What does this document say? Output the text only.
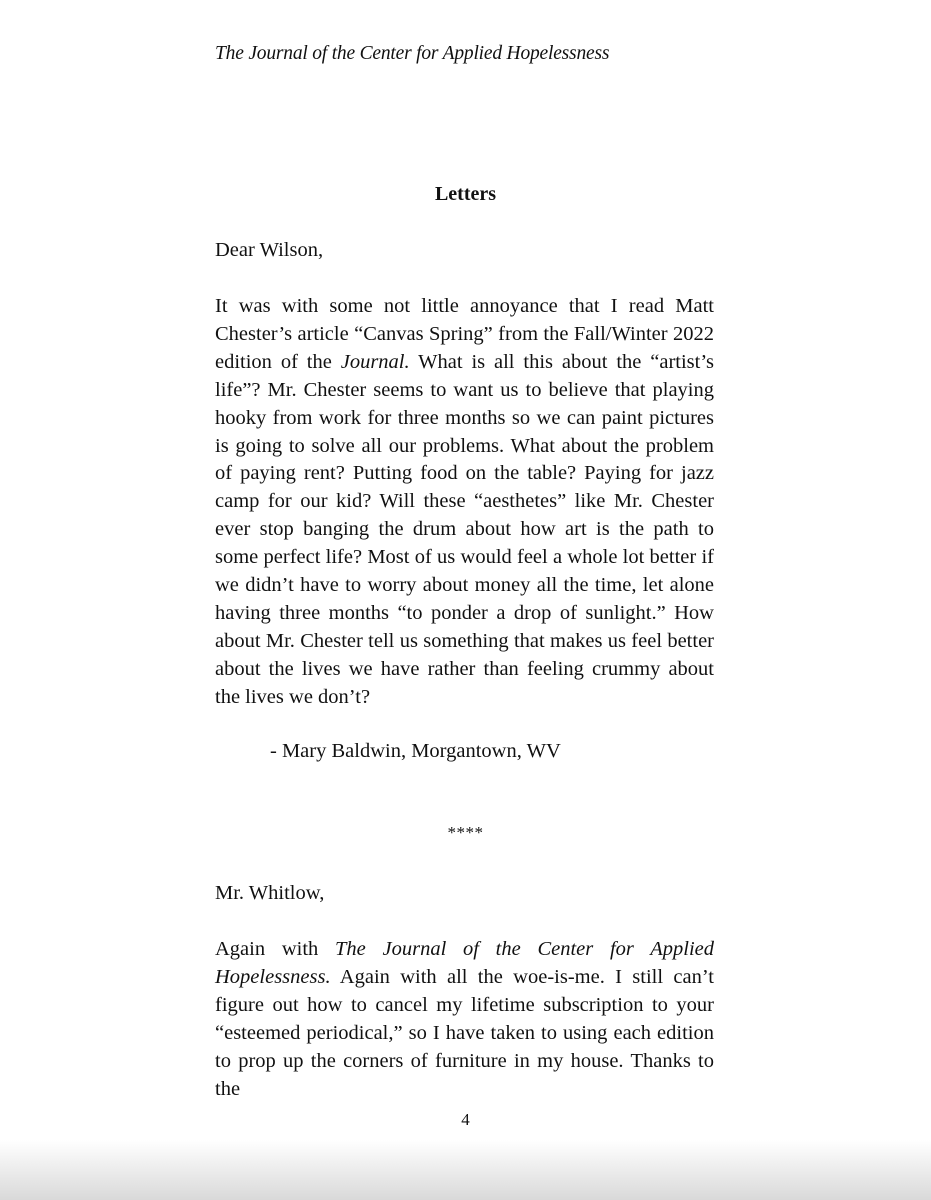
The Journal of the Center for Applied Hopelessness
Letters

Dear Wilson,

It was with some not little annoyance that I read Matt Chester’s article “Canvas Spring” from the Fall/Winter 2022 edition of the Journal. What is all this about the “artist’s life”? Mr. Chester seems to want us to believe that playing hooky from work for three months so we can paint pictures is going to solve all our problems. What about the problem of paying rent? Putting food on the table? Paying for jazz camp for our kid? Will these “aesthetes” like Mr. Chester ever stop banging the drum about how art is the path to some perfect life? Most of us would feel a whole lot better if we didn’t have to worry about money all the time, let alone having three months “to ponder a drop of sunlight.” How about Mr. Chester tell us something that makes us feel better about the lives we have rather than feeling crummy about the lives we don’t?

- Mary Baldwin, Morgantown, WV
****

Mr. Whitlow,

Again with The Journal of the Center for Applied Hopelessness. Again with all the woe-is-me. I still can’t figure out how to cancel my lifetime subscription to your “esteemed periodical,” so I have taken to using each edition to prop up the corners of furniture in my house. Thanks to the

4
